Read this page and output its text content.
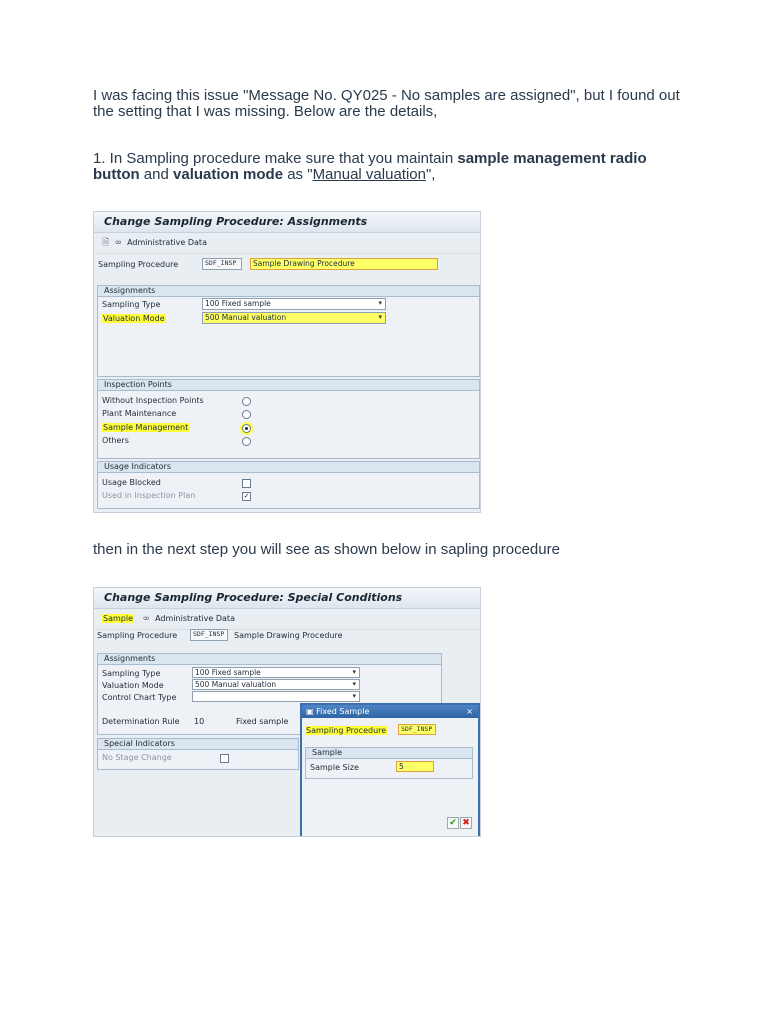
I was facing this issue "Message No. QY025 - No samples are assigned", but I found out the setting that I was missing. Below are the details,
1. In Sampling procedure make sure that you maintain sample management radio button and valuation mode as "Manual valuation",
Change Sampling Procedure: Assignments
🗎 ∞ Administrative Data
Sampling Procedure	SDF_INSP	Sample Drawing Procedure
Assignments
Sampling Type	100 Fixed sample	▾
Valuation Mode	500 Manual valuation	▾
Inspection Points
Without Inspection Points
Plant Maintenance
Sample Management
Others
Usage Indicators
Usage Blocked
Used in Inspection Plan	✓
then in the next step you will see as shown below in sapling procedure
Change Sampling Procedure: Special Conditions
Sample ∞ Administrative Data
Sampling Procedure	SDF_INSP	Sample Drawing Procedure
Assignments
Sampling Type	100 Fixed sample	▾
Valuation Mode	500 Manual valuation	▾
Control Chart Type	▾
Determination Rule 10	Fixed sample
Special Indicators
No Stage Change
▣ Fixed Sample	×
Sampling Procedure	SDF_INSP
Sample
Sample Size	5
✔ ✖
